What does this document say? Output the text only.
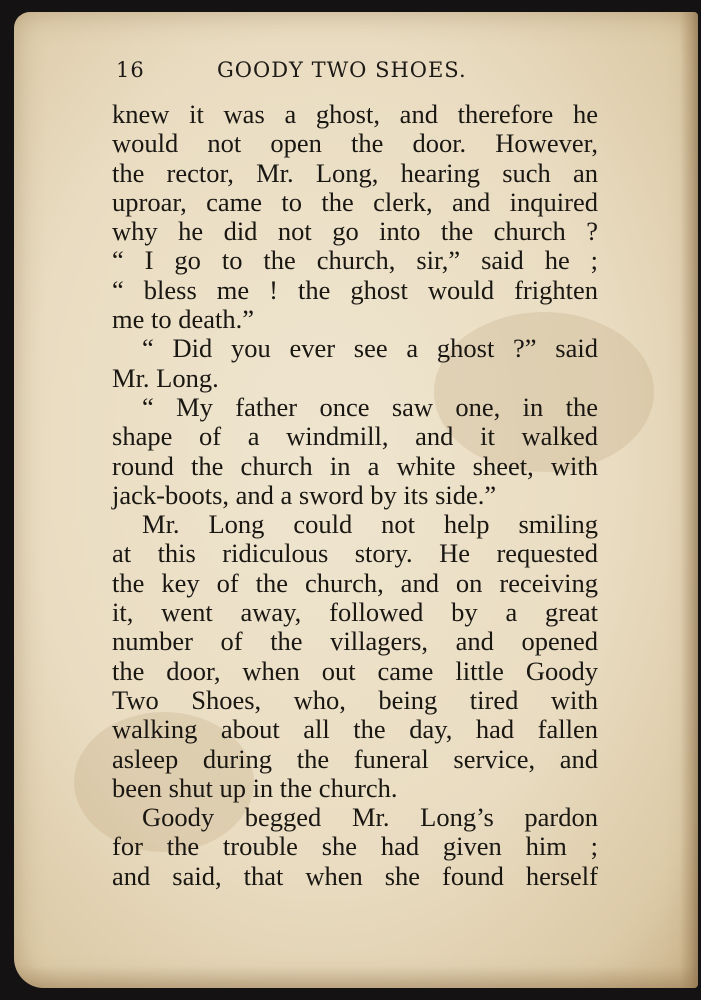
16	GOODY TWO SHOES.
knew it was a ghost, and therefore he
would not open the door. However,
the rector, Mr. Long, hearing such an
uproar, came to the clerk, and inquired
why he did not go into the church ?
“ I go to the church, sir,” said he ;
“ bless me ! the ghost would frighten
me to death.”
“ Did you ever see a ghost ?” said
Mr. Long.
“ My father once saw one, in the
shape of a windmill, and it walked
round the church in a white sheet, with
jack-boots, and a sword by its side.”
Mr. Long could not help smiling
at this ridiculous story. He requested
the key of the church, and on receiving
it, went away, followed by a great
number of the villagers, and opened
the door, when out came little Goody
Two Shoes, who, being tired with
walking about all the day, had fallen
asleep during the funeral service, and
been shut up in the church.
Goody begged Mr. Long’s pardon
for the trouble she had given him ;
and said, that when she found herself
